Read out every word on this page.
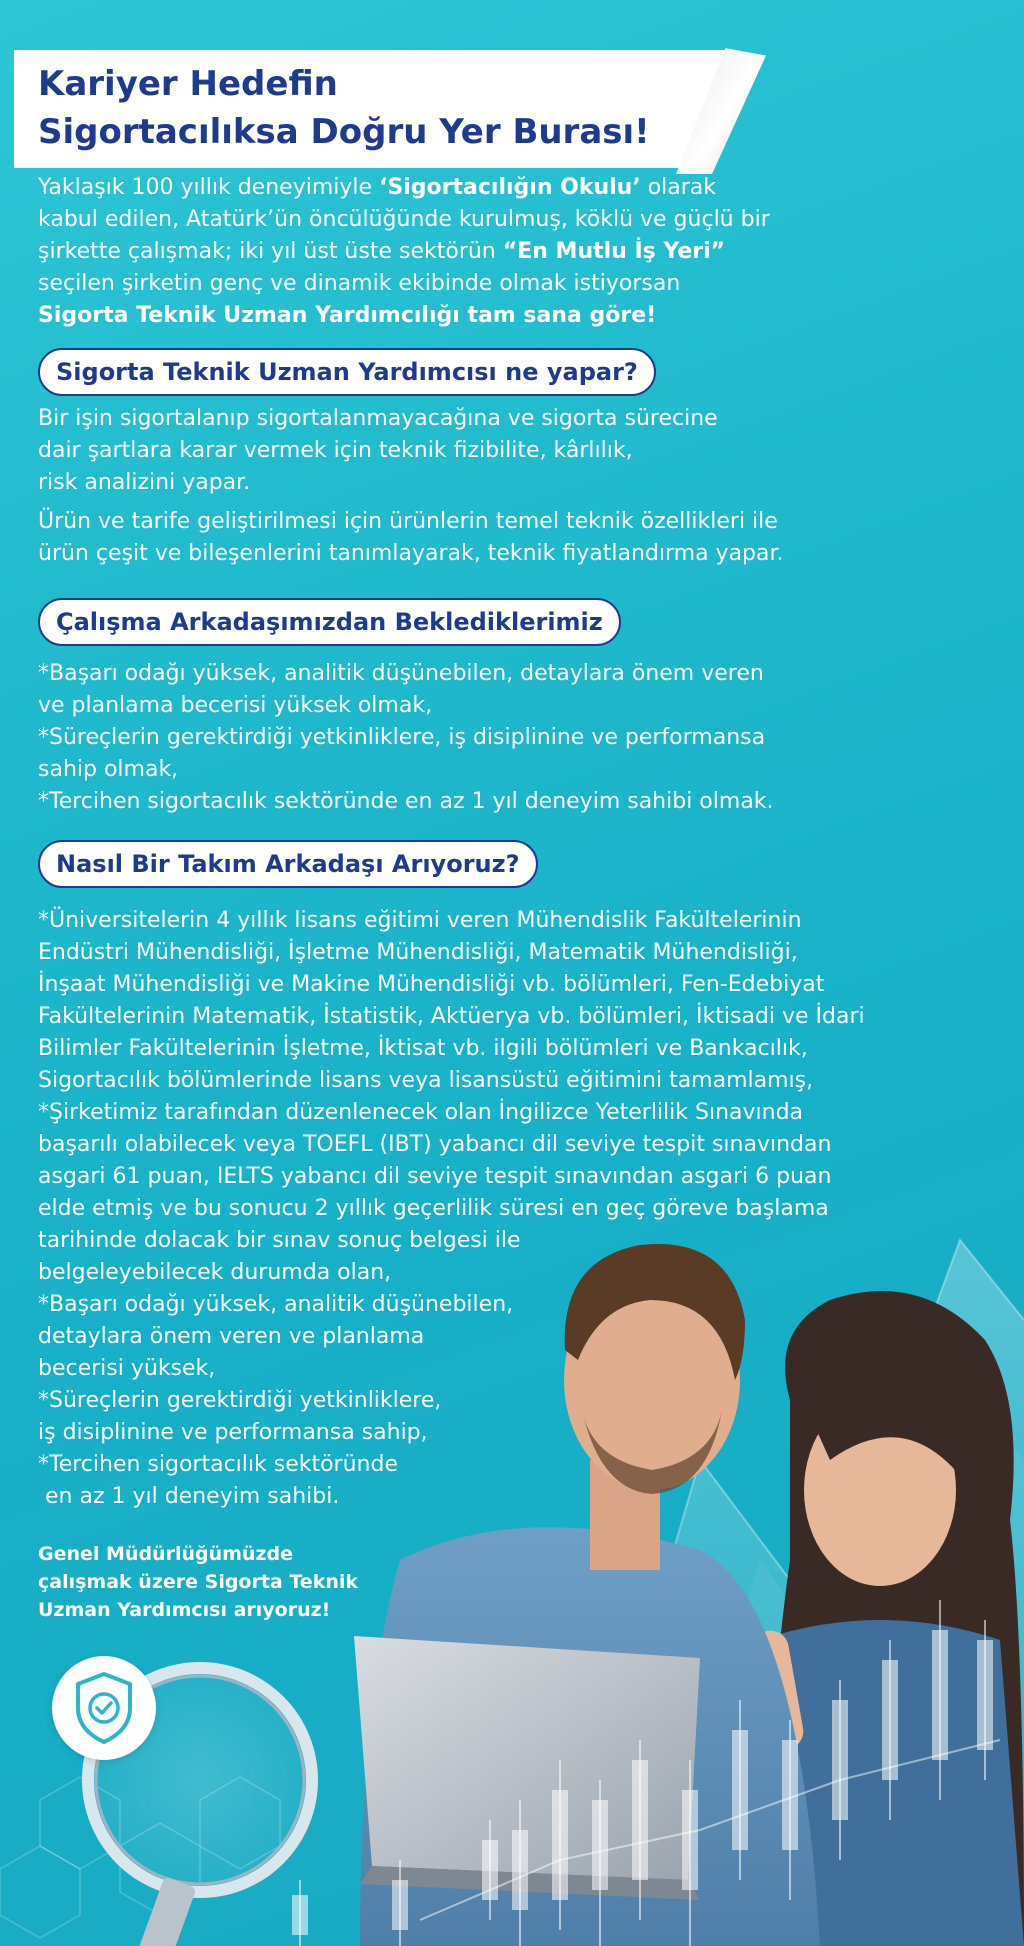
Kariyer Hedefin
Sigortacılıksa Doğru Yer Burası!
Yaklaşık 100 yıllık deneyimiyle ‘Sigortacılığın Okulu’ olarak
kabul edilen, Atatürk’ün öncülüğünde kurulmuş, köklü ve güçlü bir
şirkette çalışmak; iki yıl üst üste sektörün “En Mutlu İş Yeri”
seçilen şirketin genç ve dinamik ekibinde olmak istiyorsan
Sigorta Teknik Uzman Yardımcılığı tam sana göre!
Sigorta Teknik Uzman Yardımcısı ne yapar?
Bir işin sigortalanıp sigortalanmayacağına ve sigorta sürecine
dair şartlara karar vermek için teknik fizibilite, kârlılık,
risk analizini yapar.
Ürün ve tarife geliştirilmesi için ürünlerin temel teknik özellikleri ile
ürün çeşit ve bileşenlerini tanımlayarak, teknik fiyatlandırma yapar.
Çalışma Arkadaşımızdan Beklediklerimiz
*Başarı odağı yüksek, analitik düşünebilen, detaylara önem veren
ve planlama becerisi yüksek olmak,
*Süreçlerin gerektirdiği yetkinliklere, iş disiplinine ve performansa
sahip olmak,
*Tercihen sigortacılık sektöründe en az 1 yıl deneyim sahibi olmak.
Nasıl Bir Takım Arkadaşı Arıyoruz?
*Üniversitelerin 4 yıllık lisans eğitimi veren Mühendislik Fakültelerinin
Endüstri Mühendisliği, İşletme Mühendisliği, Matematik Mühendisliği,
İnşaat Mühendisliği ve Makine Mühendisliği vb. bölümleri, Fen-Edebiyat
Fakültelerinin Matematik, İstatistik, Aktüerya vb. bölümleri, İktisadi ve İdari
Bilimler Fakültelerinin İşletme, İktisat vb. ilgili bölümleri ve Bankacılık,
Sigortacılık bölümlerinde lisans veya lisansüstü eğitimini tamamlamış,
*Şirketimiz tarafından düzenlenecek olan İngilizce Yeterlilik Sınavında
başarılı olabilecek veya TOEFL (IBT) yabancı dil seviye tespit sınavından
asgari 61 puan, IELTS yabancı dil seviye tespit sınavından asgari 6 puan
elde etmiş ve bu sonucu 2 yıllık geçerlilik süresi en geç göreve başlama
tarihinde dolacak bir sınav sonuç belgesi ile
belgeleyebilecek durumda olan,
*Başarı odağı yüksek, analitik düşünebilen,
detaylara önem veren ve planlama
becerisi yüksek,
*Süreçlerin gerektirdiği yetkinliklere,
iş disiplinine ve performansa sahip,
*Tercihen sigortacılık sektöründe
en az 1 yıl deneyim sahibi.
Genel Müdürlüğümüzde
çalışmak üzere Sigorta Teknik
Uzman Yardımcısı arıyoruz!
